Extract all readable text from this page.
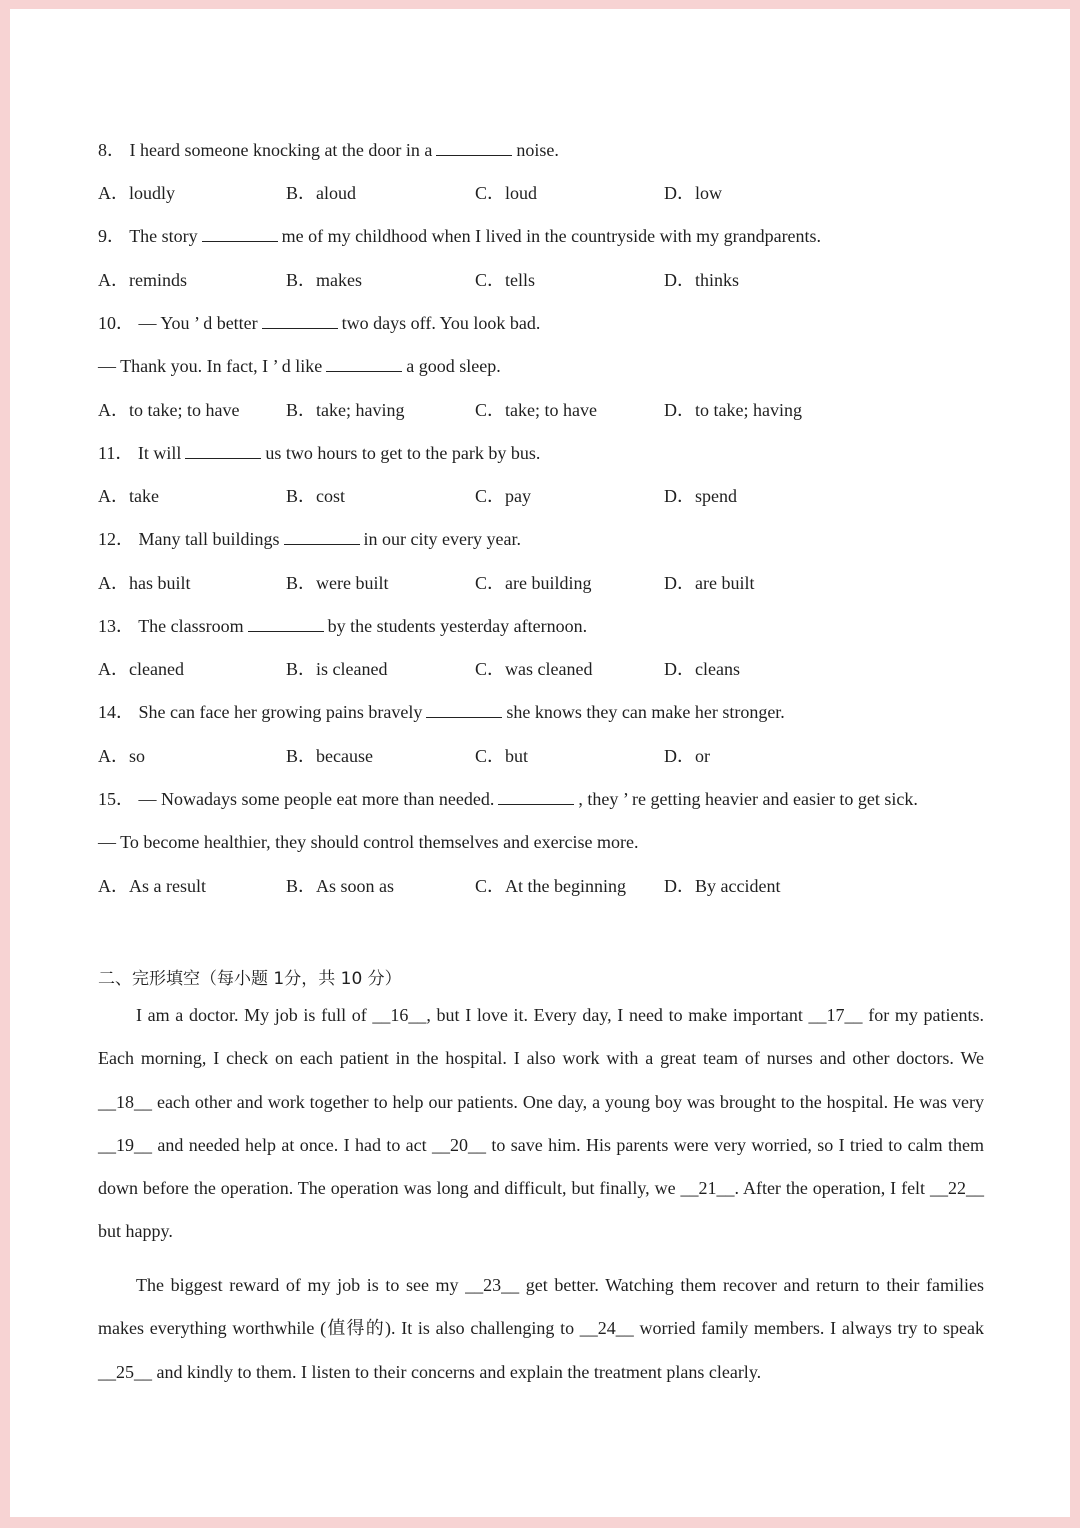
8． I heard someone knocking at the door in a	noise.
A．loudly	B．aloud	C．loud	D．low
9． The story	me of my childhood when I lived in the countryside with my grandparents.
A．reminds	B．makes	C．tells	D．thinks
10． — You ’ d better	two days off. You look bad.
— Thank you. In fact, I ’ d like	a good sleep.
A．to take; to have	B．take; having	C．take; to have	D．to take; having
11． It will	us two hours to get to the park by bus.
A．take	B．cost	C．pay	D．spend
12． Many tall buildings	in our city every year.
A．has built	B．were built	C．are building	D．are built
13． The classroom	by the students yesterday afternoon.
A．cleaned	B．is cleaned	C．was cleaned	D．cleans
14． She can face her growing pains bravely	she knows they can make her stronger.
A．so	B．because	C．but	D．or
15． — Nowadays some people eat more than needed.	, they ’ re getting heavier and easier to get sick.
— To become healthier, they should control themselves and exercise more.
A．As a result	B．As soon as	C．At the beginning D．By accident
二、完形填空（每小题 1分，共 10 分）
I am a doctor. My job is full of __16__, but I love it. Every day, I need to make important __17__ for my patients. Each morning, I check on each patient in the hospital. I also work with a great team of nurses and other doctors. We __18__ each other and work together to help our patients. One day, a young boy was brought to the hospital. He was very __19__ and needed help at once. I had to act __20__ to save him. His parents were very worried, so I tried to calm them down before the operation. The operation was long and difficult, but finally, we __21__. After the operation, I felt __22__ but happy.
The biggest reward of my job is to see my __23__ get better. Watching them recover and return to their families makes everything worthwhile (值得的). It is also challenging to __24__ worried family members. I always try to speak __25__ and kindly to them. I listen to their concerns and explain the treatment plans clearly.
